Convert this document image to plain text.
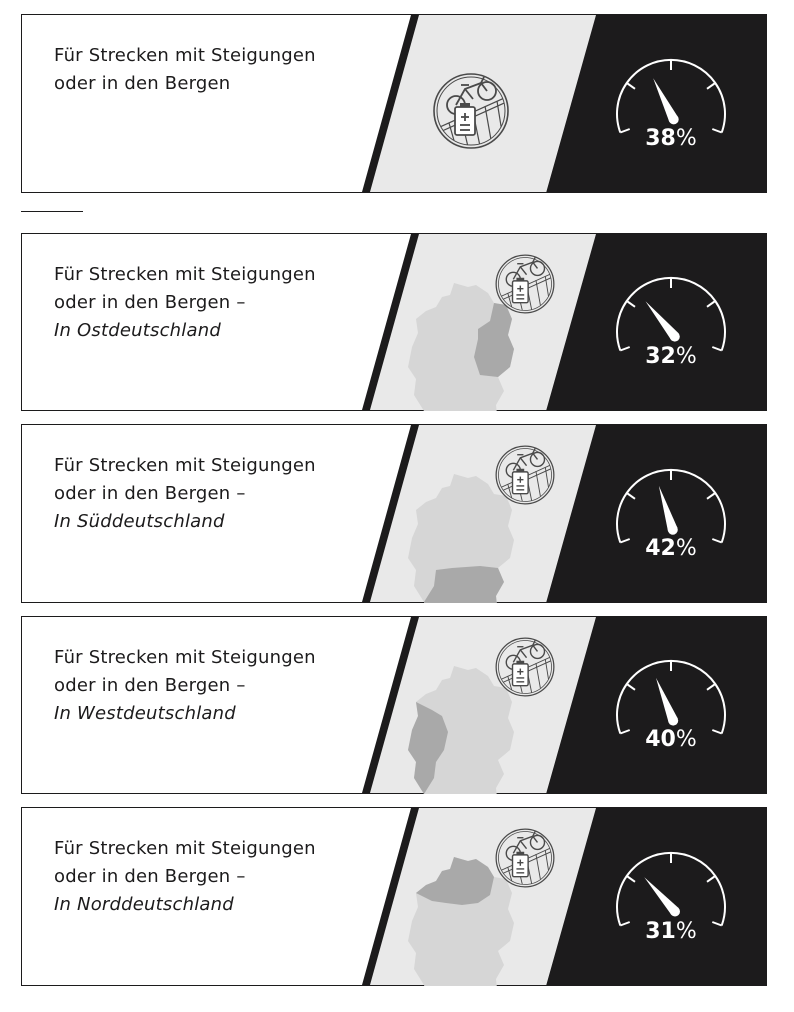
Für Strecken mit Steigungen
oder in den Bergen
38%
Für Strecken mit Steigungen
oder in den Bergen –
In Ostdeutschland
32%
Für Strecken mit Steigungen
oder in den Bergen –
In Süddeutschland
42%
Für Strecken mit Steigungen
oder in den Bergen –
In Westdeutschland
40%
Für Strecken mit Steigungen
oder in den Bergen –
In Norddeutschland
31%
